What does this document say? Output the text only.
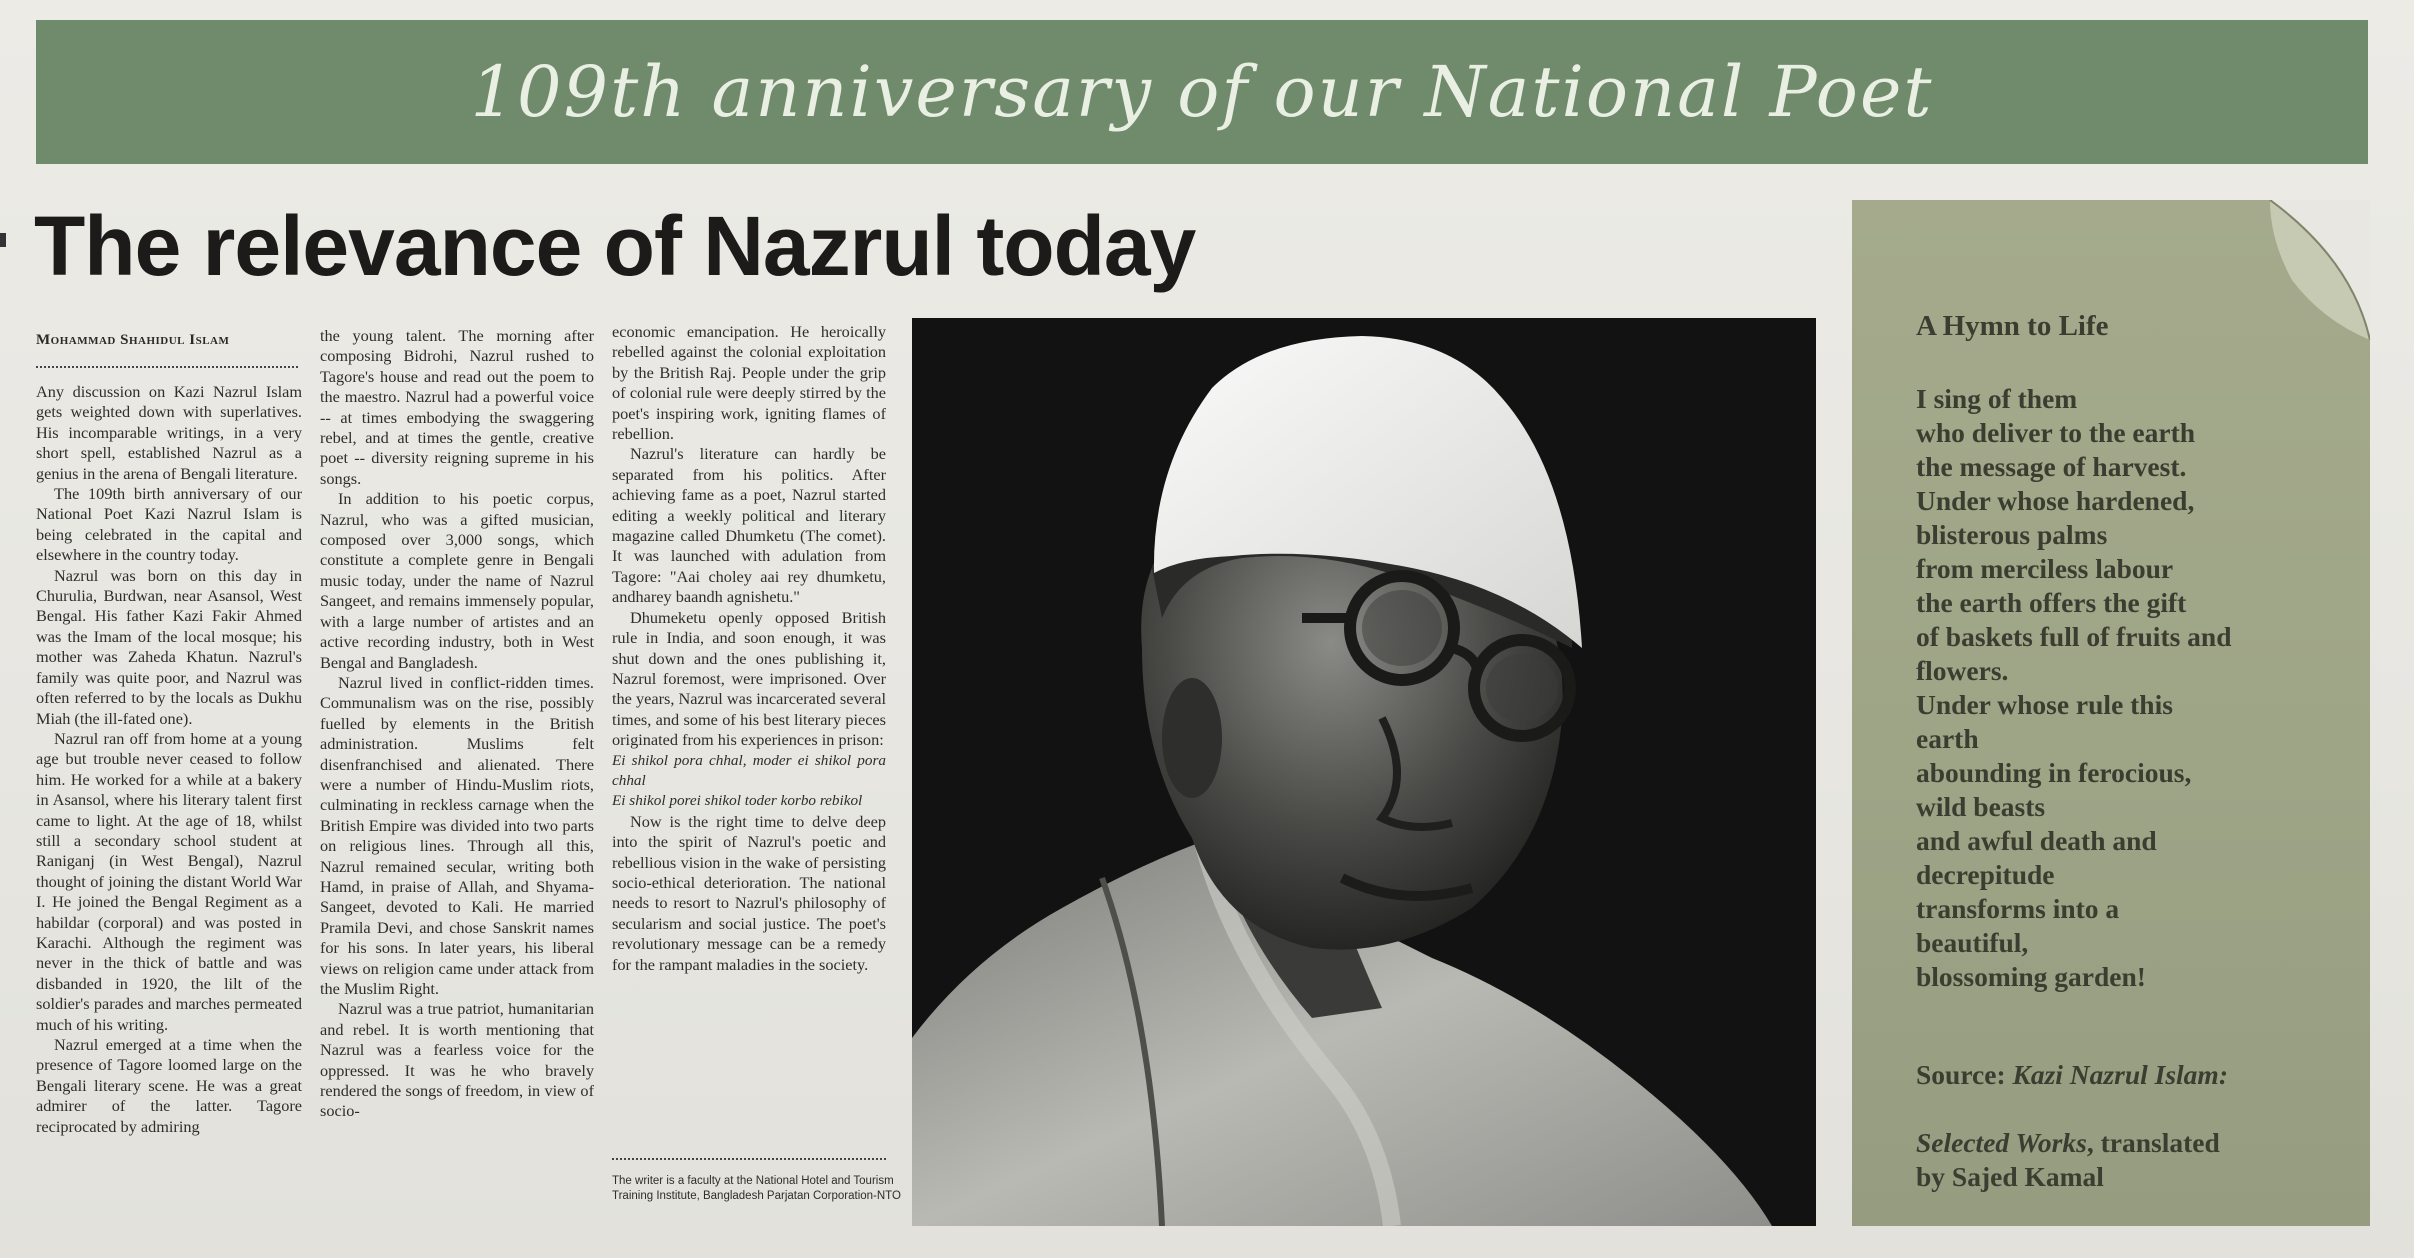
109th anniversary of our National Poet
The relevance of Nazrul today
Mohammad Shahidul Islam

Any discussion on Kazi Nazrul Islam gets weighted down with superlatives. His incomparable writings, in a very short spell, established Nazrul as a genius in the arena of Bengali literature.

The 109th birth anniversary of our National Poet Kazi Nazrul Islam is being celebrated in the capital and elsewhere in the country today.

Nazrul was born on this day in Churulia, Burdwan, near Asansol, West Bengal. His father Kazi Fakir Ahmed was the Imam of the local mosque; his mother was Zaheda Khatun. Nazrul's family was quite poor, and Nazrul was often referred to by the locals as Dukhu Miah (the ill-fated one).

Nazrul ran off from home at a young age but trouble never ceased to follow him. He worked for a while at a bakery in Asansol, where his literary talent first came to light. At the age of 18, whilst still a secondary school student at Raniganj (in West Bengal), Nazrul thought of joining the distant World War I. He joined the Bengal Regiment as a habildar (corporal) and was posted in Karachi. Although the regiment was never in the thick of battle and was disbanded in 1920, the lilt of the soldier's parades and marches permeated much of his writing.

Nazrul emerged at a time when the presence of Tagore loomed large on the Bengali literary scene. He was a great admirer of the latter. Tagore reciprocated by admiring

the young talent. The morning after composing Bidrohi, Nazrul rushed to Tagore's house and read out the poem to the maestro. Nazrul had a powerful voice -- at times embodying the swaggering rebel, and at times the gentle, creative poet -- diversity reigning supreme in his songs.

In addition to his poetic corpus, Nazrul, who was a gifted musician, composed over 3,000 songs, which constitute a complete genre in Bengali music today, under the name of Nazrul Sangeet, and remains immensely popular, with a large number of artistes and an active recording industry, both in West Bengal and Bangladesh.

Nazrul lived in conflict-ridden times. Communalism was on the rise, possibly fuelled by elements in the British administration. Muslims felt disenfranchised and alienated. There were a number of Hindu-Muslim riots, culminating in reckless carnage when the British Empire was divided into two parts on religious lines. Through all this, Nazrul remained secular, writing both Hamd, in praise of Allah, and Shyama-Sangeet, devoted to Kali. He married Pramila Devi, and chose Sanskrit names for his sons. In later years, his liberal views on religion came under attack from the Muslim Right.

Nazrul was a true patriot, humanitarian and rebel. It is worth mentioning that Nazrul was a fearless voice for the oppressed. It was he who bravely rendered the songs of freedom, in view of socio-

economic emancipation. He heroically rebelled against the colonial exploitation by the British Raj. People under the grip of colonial rule were deeply stirred by the poet's inspiring work, igniting flames of rebellion.

Nazrul's literature can hardly be separated from his politics. After achieving fame as a poet, Nazrul started editing a weekly political and literary magazine called Dhumketu (The comet). It was launched with adulation from Tagore: "Aai choley aai rey dhumketu, andharey baandh agnishetu."

Dhumeketu openly opposed British rule in India, and soon enough, it was shut down and the ones publishing it, Nazrul foremost, were imprisoned. Over the years, Nazrul was incarcerated several times, and some of his best literary pieces originated from his experiences in prison:

Ei shikol pora chhal, moder ei shikol pora chhal

Ei shikol porei shikol toder korbo rebikol

Now is the right time to delve deep into the spirit of Nazrul's poetic and rebellious vision in the wake of persisting socio-ethical deterioration. The national needs to resort to Nazrul's philosophy of secularism and social justice. The poet's revolutionary message can be a remedy for the rampant maladies in the society.

The writer is a faculty at the National Hotel and Tourism Training Institute, Bangladesh Parjatan Corporation-NTO
A Hymn to Life
I sing of them
who deliver to the earth
the message of harvest.
Under whose hardened,
blisterous palms
from merciless labour
the earth offers the gift
of baskets full of fruits and
flowers.
Under whose rule this
earth
abounding in ferocious,
wild beasts
and awful death and
decrepitude
transforms into a
beautiful,
blossoming garden!
Source: Kazi Nazrul Islam:
Selected Works, translated
by Sajed Kamal
